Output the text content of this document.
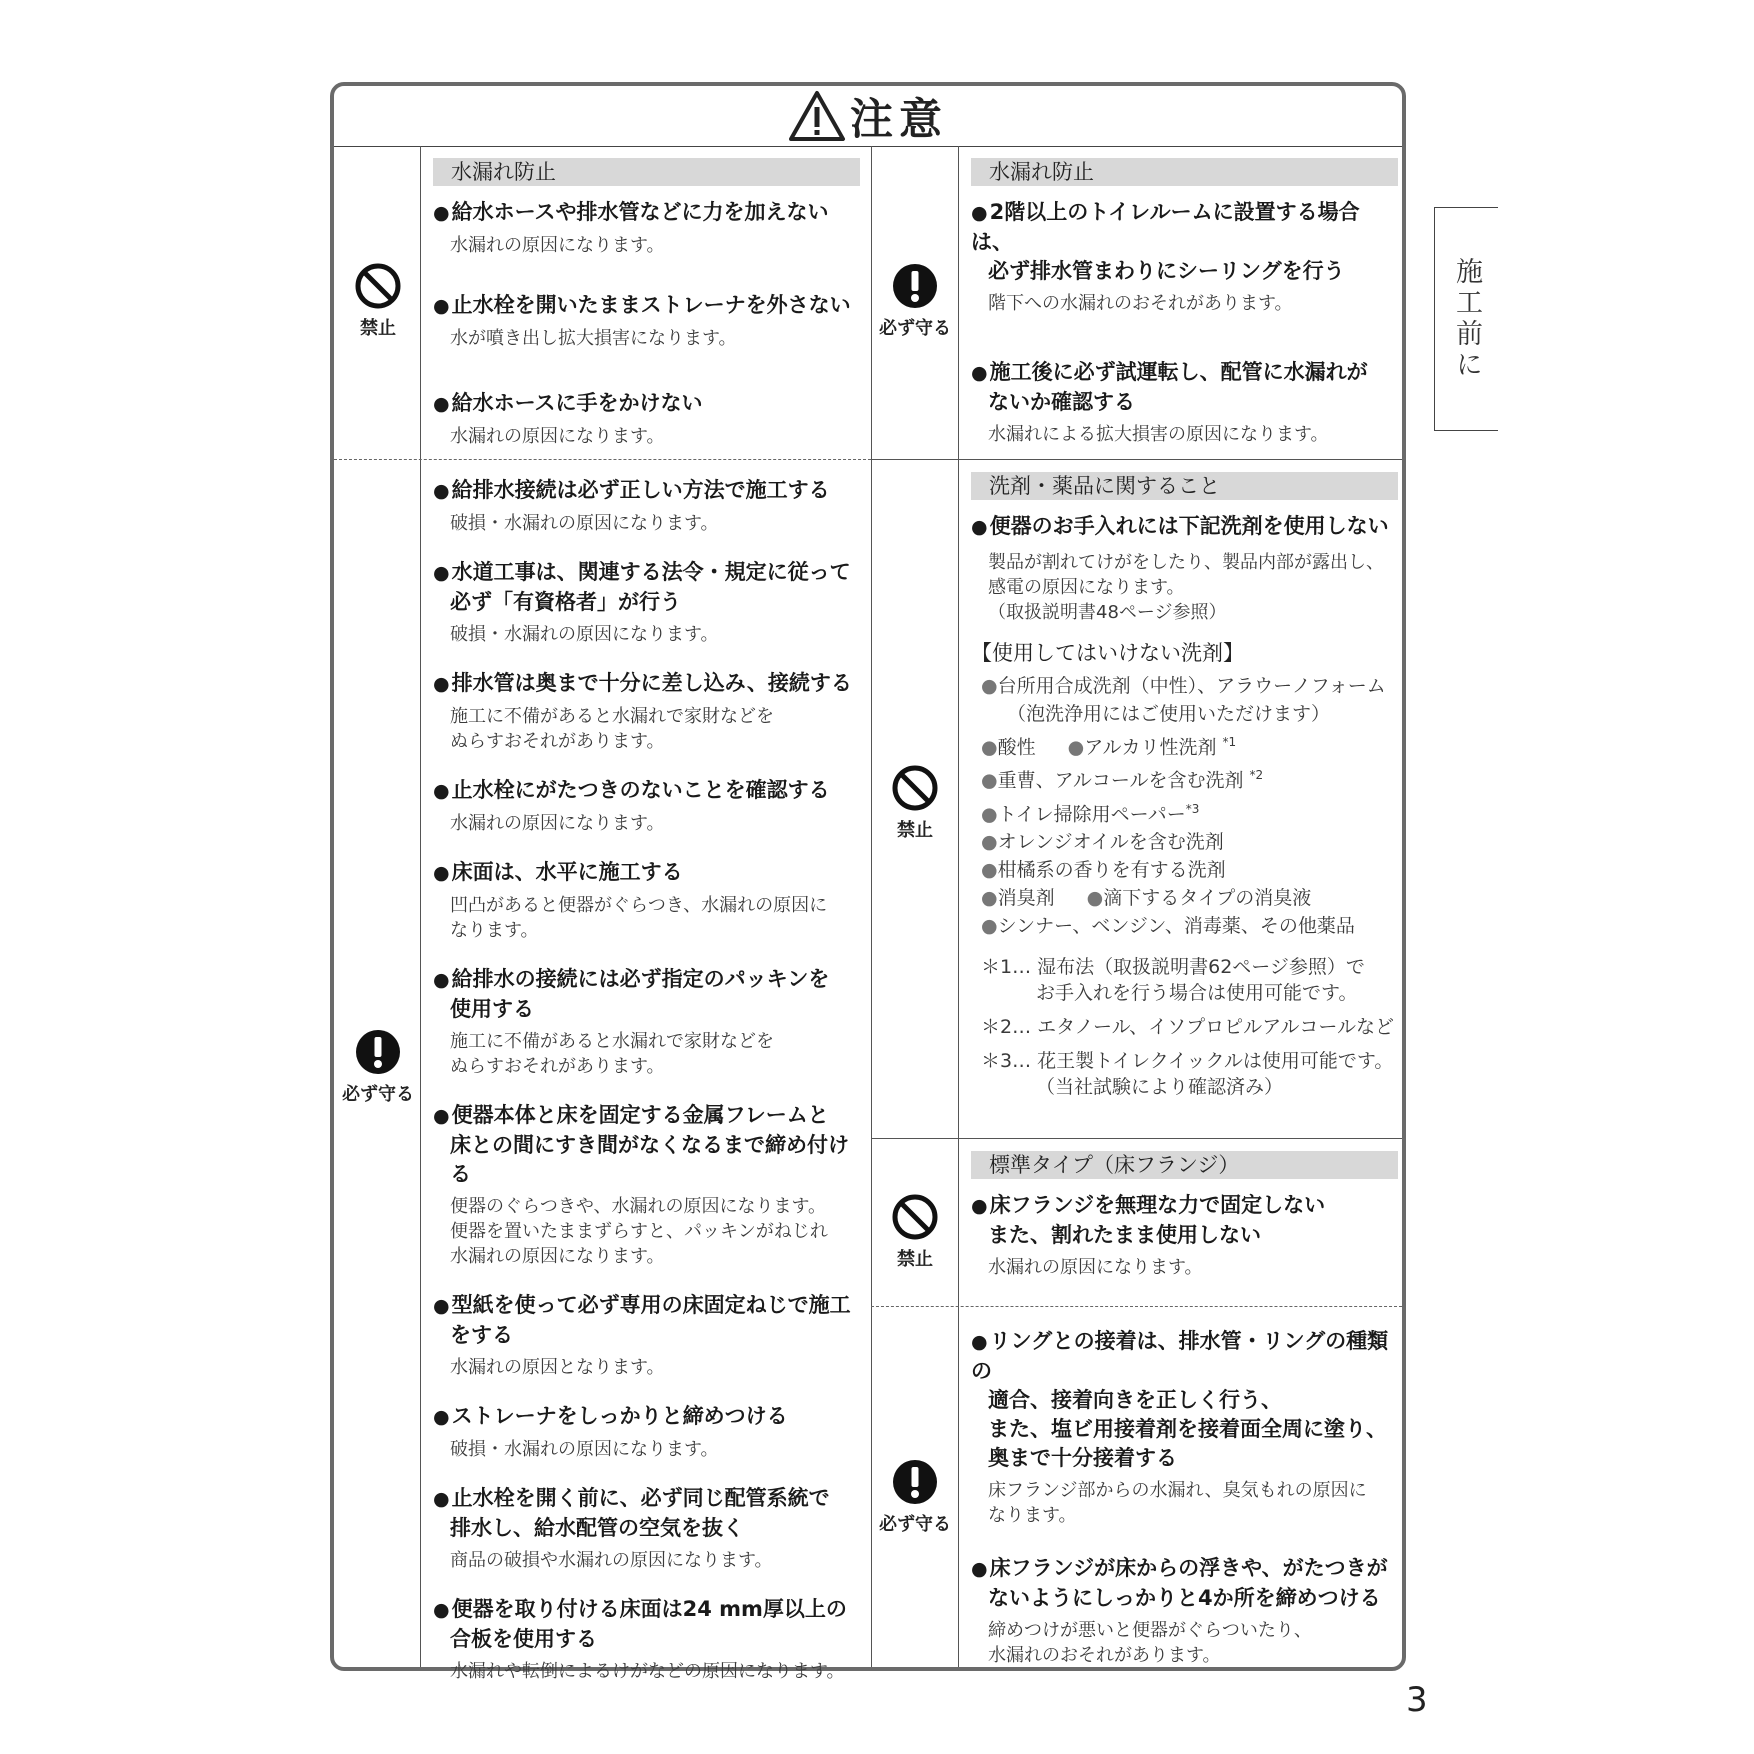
注意
禁止
必ず守る
必ず守る
禁止
禁止
必ず守る
水漏れ防止
●給水ホースや排水管などに力を加えない
水漏れの原因になります。
●止水栓を開いたままストレーナを外さない
水が噴き出し拡大損害になります。
●給水ホースに手をかけない
水漏れの原因になります。
●給排水接続は必ず正しい方法で施工する
破損・水漏れの原因になります。
●水道工事は、関連する法令・規定に従って
必ず「有資格者」が行う
破損・水漏れの原因になります。
●排水管は奥まで十分に差し込み、接続する
施工に不備があると水漏れで家財などを
ぬらすおそれがあります。
●止水栓にがたつきのないことを確認する
水漏れの原因になります。
●床面は、水平に施工する
凹凸があると便器がぐらつき、水漏れの原因に
なります。
●給排水の接続には必ず指定のパッキンを
使用する
施工に不備があると水漏れで家財などを
ぬらすおそれがあります。
●便器本体と床を固定する金属フレームと
床との間にすき間がなくなるまで締め付ける
便器のぐらつきや、水漏れの原因になります。
便器を置いたままずらすと、パッキンがねじれ
水漏れの原因になります。
●型紙を使って必ず専用の床固定ねじで施工
をする
水漏れの原因となります。
●ストレーナをしっかりと締めつける
破損・水漏れの原因になります。
●止水栓を開く前に、必ず同じ配管系統で
排水し、給水配管の空気を抜く
商品の破損や水漏れの原因になります。
●便器を取り付ける床面は24 mm厚以上の
合板を使用する
水漏れや転倒によるけがなどの原因になります。
水漏れ防止
●2階以上のトイレルームに設置する場合は、
必ず排水管まわりにシーリングを行う
階下への水漏れのおそれがあります。
●施工後に必ず試運転し、配管に水漏れが
ないか確認する
水漏れによる拡大損害の原因になります。
洗剤・薬品に関すること
●便器のお手入れには下記洗剤を使用しない
製品が割れてけがをしたり、製品内部が露出し、
感電の原因になります。
（取扱説明書48ページ参照）
【使用してはいけない洗剤】
●台所用合成洗剤（中性）、アラウーノフォーム
（泡洗浄用にはご使用いただけます）
●酸性 ●アルカリ性洗剤 $^{*1}$
●重曹、アルコールを含む洗剤 $^{*2}$
●トイレ掃除用ペーパー$^{*3}$
●オレンジオイルを含む洗剤
●柑橘系の香りを有する洗剤
●消臭剤 ●滴下するタイプの消臭液
●シンナー、ベンジン、消毒薬、その他薬品
＊1… 湿布法（取扱説明書62ページ参照）で
お手入れを行う場合は使用可能です。
＊2… エタノール、イソプロピルアルコールなど
＊3… 花王製トイレクイックルは使用可能です。
（当社試験により確認済み）
標準タイプ（床フランジ）
●床フランジを無理な力で固定しない
また、割れたまま使用しない
水漏れの原因になります。
●リングとの接着は、排水管・リングの種類の
適合、接着向きを正しく行う、
また、塩ビ用接着剤を接着面全周に塗り、
奥まで十分接着する
床フランジ部からの水漏れ、臭気もれの原因に
なります。
●床フランジが床からの浮きや、がたつきが
ないようにしっかりと4か所を締めつける
締めつけが悪いと便器がぐらついたり、
水漏れのおそれがあります。
施工前に
3
